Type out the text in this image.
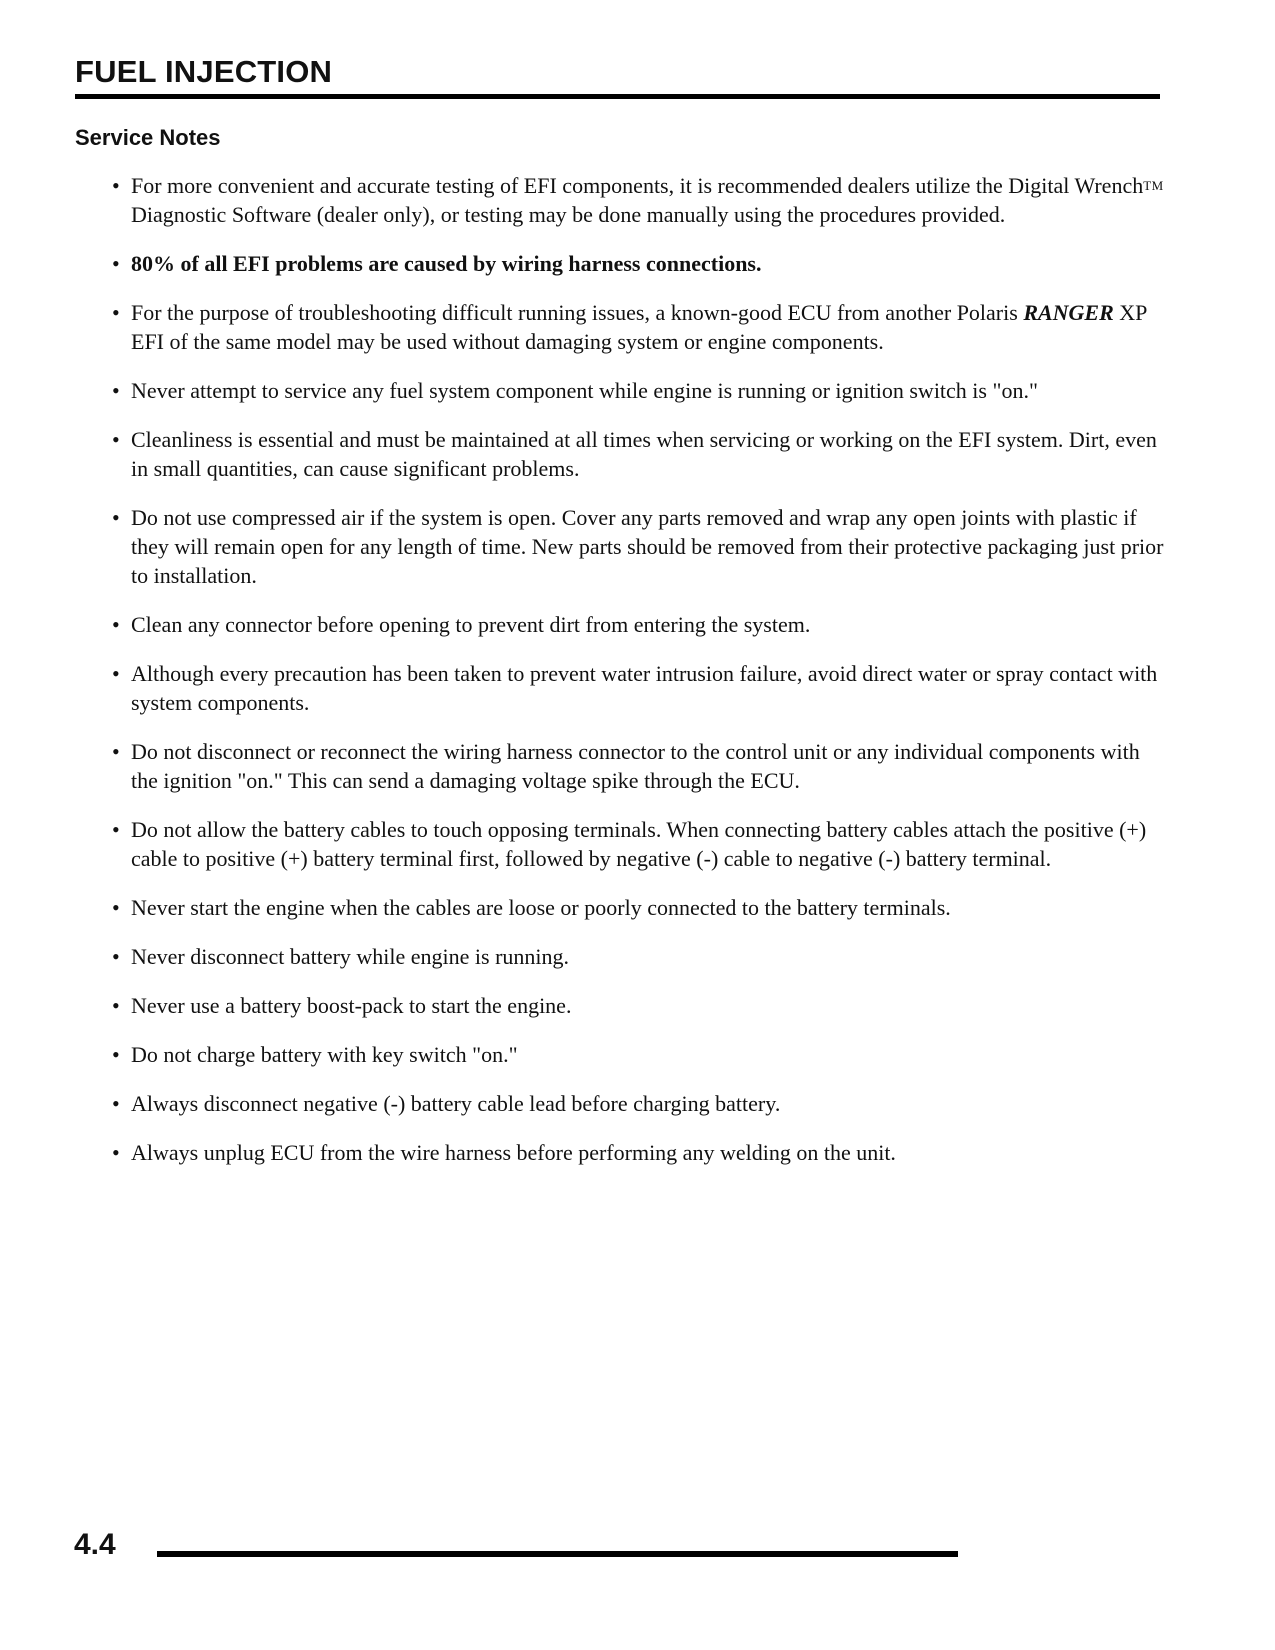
FUEL INJECTION
Service Notes
• For more convenient and accurate testing of EFI components, it is recommended dealers utilize the Digital WrenchTM Diagnostic Software (dealer only), or testing may be done manually using the procedures provided.
• 80% of all EFI problems are caused by wiring harness connections.
• For the purpose of troubleshooting difficult running issues, a known-good ECU from another Polaris RANGER XP EFI of the same model may be used without damaging system or engine components.
• Never attempt to service any fuel system component while engine is running or ignition switch is "on."
• Cleanliness is essential and must be maintained at all times when servicing or working on the EFI system. Dirt, even in small quantities, can cause significant problems.
• Do not use compressed air if the system is open. Cover any parts removed and wrap any open joints with plastic if they will remain open for any length of time. New parts should be removed from their protective packaging just prior to installation.
• Clean any connector before opening to prevent dirt from entering the system.
• Although every precaution has been taken to prevent water intrusion failure, avoid direct water or spray contact with system components.
• Do not disconnect or reconnect the wiring harness connector to the control unit or any individual components with the ignition "on." This can send a damaging voltage spike through the ECU.
• Do not allow the battery cables to touch opposing terminals. When connecting battery cables attach the positive (+) cable to positive (+) battery terminal first, followed by negative (-) cable to negative (-) battery terminal.
• Never start the engine when the cables are loose or poorly connected to the battery terminals.
• Never disconnect battery while engine is running.
• Never use a battery boost-pack to start the engine.
• Do not charge battery with key switch "on."
• Always disconnect negative (-) battery cable lead before charging battery.
• Always unplug ECU from the wire harness before performing any welding on the unit.
4.4
